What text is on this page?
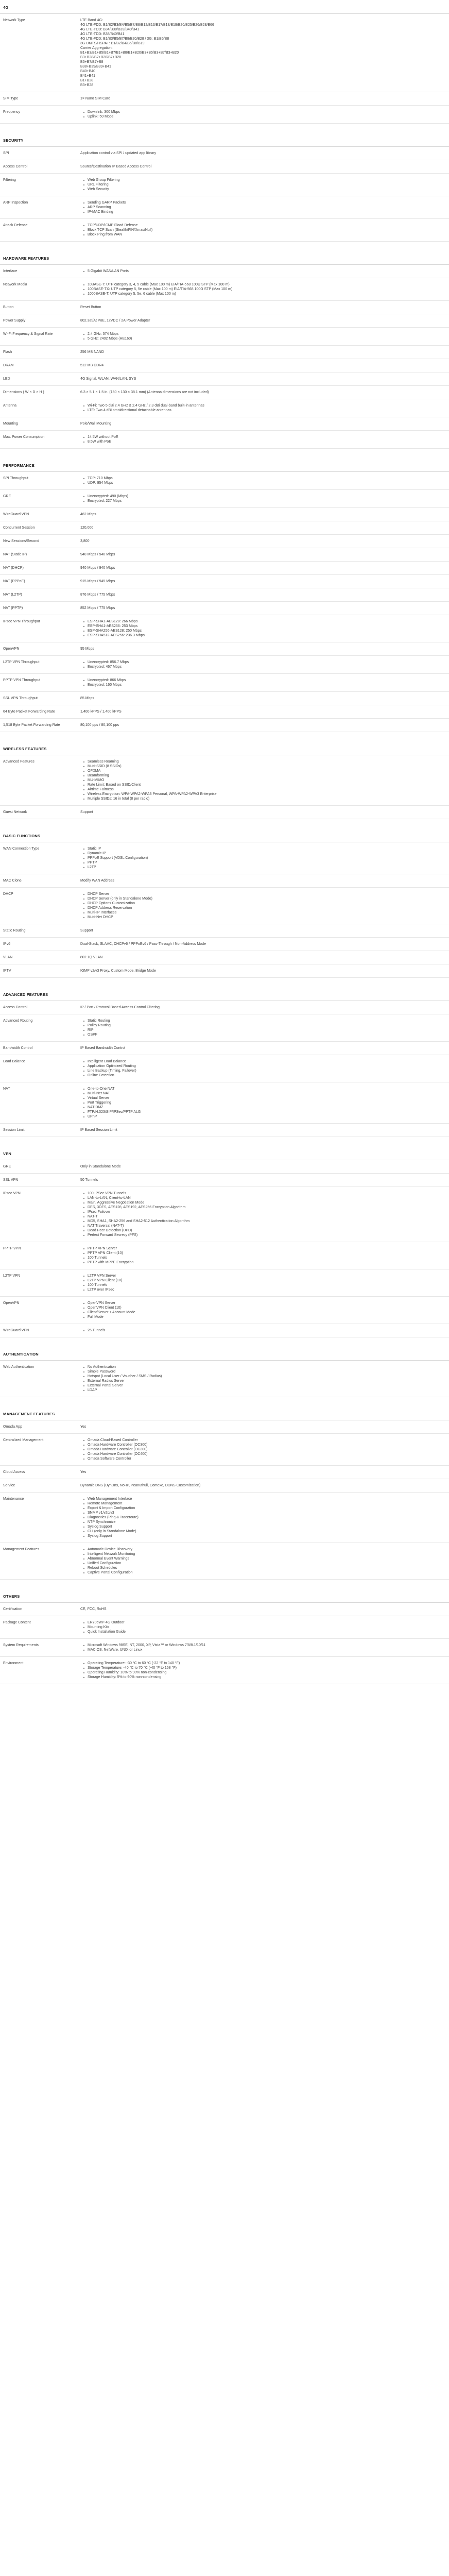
4G
Network Type	LTE Band 4G:
4G LTE-FDD: B1/B2/B3/B4/B5/B7/B8/B12/B13/B17/B18/B19/B20/B25/B26/B28/B66
4G LTE-TDD: B34/B38/B39/B40/B41
4G LTE-TDD: B38/B40/B41
4G LTE-FDD: B1/B3/B5/B7/B8/B20/B28 / 3G: B1/B5/B8
3G UMTS/HSPA+: B1/B2/B4/B5/B8/B19
Carrier Aggregation:
B1+B3/B1+B5/B1+B7/B1+B8/B1+B20/B3+B5/B3+B7/B3+B20
B3+B28/B7+B20/B7+B28
B5+B7/B7+B8
B38+B39/B39+B41
B40+B40
B41+B41
B1+B28
B3+B28
SIM Type	1× Nano SIM Card
Frequency	Downlink: 300 Mbps
Uplink: 50 Mbps
SECURITY
SPI	Application control via SPI / updated app library
Access Control	Source/Destination IP Based Access Control
Filtering	Web Group Filtering
URL Filtering
Web Security
ARP Inspection	Sending GARP Packets
ARP Scanning
IP-MAC Binding
Attack Defense	TCP/UDP/ICMP Flood Defense
Block TCP Scan (Stealth/FIN/Xmas/Null)
Block Ping from WAN
HARDWARE FEATURES
Interface	5 Gigabit WAN/LAN Ports
Network Media	10BASE-T: UTP category 3, 4, 5 cable (Max 100 m) EIA/TIA-568 100Ω STP (Max 100 m)
100BASE-TX: UTP category 5, 5e cable (Max 100 m) EIA/TIA-568 100Ω STP (Max 100 m)
1000BASE-T: UTP category 5, 5e, 6 cable (Max 100 m)
Button	Reset Button
Power Supply	802.3at/At PoE, 12VDC / 2A Power Adapter
Wi-Fi Frequency & Signal Rate	2.4 GHz: 574 Mbps
5 GHz: 2402 Mbps (HE160)
Flash	256 MB NAND
DRAM	512 MB DDR4
LED	4G Signal, WLAN, WAN/LAN, SYS
Dimensions ( W × D × H )	6.3 × 5.1 × 1.5 in. (160 × 130 × 38.1 mm) (Antenna dimensions are not included)
Antenna	Wi-Fi: Two 5 dBi 2.4 GHz & 2.4 GHz / 2.3 dBi dual-band built-in antennas
LTE: Two 4 dBi omnidirectional detachable antennas
Mounting	Pole/Wall Mounting
Max. Power Consumption	14.5W without PoE
8.5W with PoE
PERFORMANCE
SPI Throughput	TCP: 710 Mbps
UDP: 954 Mbps
GRE	Unencrypted: 490 (Mbps)
Encrypted: 227 Mbps
WireGuard VPN	462 Mbps
Concurrent Session	120,000
New Sessions/Second	3,800
NAT (Static IP)	940 Mbps / 940 Mbps
NAT (DHCP)	940 Mbps / 940 Mbps
NAT (PPPoE)	915 Mbps / 945 Mbps
NAT (L2TP)	876 Mbps / 775 Mbps
NAT (PPTP)	852 Mbps / 775 Mbps
IPsec VPN Throughput	ESP-SHA1-AES128: 266 Mbps
ESP-SHA1-AES256: 253 Mbps
ESP-SHA256-AES128: 250 Mbps
ESP-SHA512-AES256: 236.3 Mbps
OpenVPN	95 Mbps
L2TP VPN Throughput	Unencrypted: 856.7 Mbps
Encrypted: 467 Mbps
PPTP VPN Throughput	Unencrypted: 866 Mbps
Encrypted: 160 Mbps
SSL VPN Throughput	85 Mbps
64 Byte Packet Forwarding Rate	1,400 kPPS / 1,400 kPPS
1,518 Byte Packet Forwarding Rate	80,100 pps / 80,100 pps
WIRELESS FEATURES
Advanced Features	Seamless Roaming
Multi-SSID (8 SSIDs)
OFDMA
Beamforming
MU-MIMO
Rate Limit: Based on SSID/Client
Airtime Fairness
Wireless Encryption: WPA-WPA2-WPA3 Personal, WPA-WPA2-WPA3 Enterprise
Multiple SSIDs: 16 in total (8 per radio)
Guest Network	Support
BASIC FUNCTIONS
WAN Connection Type	Static IP
Dynamic IP
PPPoE Support (VDSL Configuration)
PPTP
L2TP
MAC Clone	Modify WAN Address
DHCP	DHCP Server
DHCP Server (only in Standalone Mode)
DHCP Options Customization
DHCP Address Reservation
Multi-IP Interfaces
Multi-Net DHCP
Static Routing	Support
IPv6	Dual-Stack, SLAAC, DHCPv6 / PPPoEv6 / Pass-Through / Non-Address Mode
VLAN	802.1Q VLAN
IPTV	IGMP v2/v3 Proxy, Custom Mode, Bridge Mode
ADVANCED FEATURES
Access Control	IP / Port / Protocol Based Access Control Filtering
Advanced Routing	Static Routing
Policy Routing
RIP
OSPF
Bandwidth Control	IP Based Bandwidth Control
Load Balance	Intelligent Load Balance
Application Optimized Routing
Line Backup (Timing, Failover)
Online Detection
NAT	One-to-One NAT
Multi-Net NAT
Virtual Server
Port Triggering
NAT-DMZ
FTP/H.323/SIP/IPSec/PPTP ALG
UPnP
Session Limit	IP Based Session Limit
VPN
GRE	Only in Standalone Mode
SSL VPN	50 Tunnels
IPsec VPN	100 IPSec VPN Tunnels
LAN-to-LAN, Client-to-LAN
Main, Aggressive Negotiation Mode
DES, 3DES, AES128, AES192, AES256 Encryption Algorithm
IPsec Failover
NAT-T
MD5, SHA1, SHA2-256 and SHA2-512 Authentication Algorithm
NAT Traversal (NAT-T)
Dead Peer Detection (DPD)
Perfect Forward Secrecy (PFS)
PPTP VPN	PPTP VPN Server
PPTP VPN Client (10)
100 Tunnels
PPTP with MPPE Encryption
L2TP VPN	L2TP VPN Server
L2TP VPN Client (10)
100 Tunnels
L2TP over IPsec
OpenVPN	OpenVPN Server
OpenVPN Client (10)
Client/Server + Account Mode
Full Mode
WireGuard VPN	25 Tunnels
AUTHENTICATION
Web Authentication	No Authentication
Simple Password
Hotspot (Local User / Voucher / SMS / Radius)
External Radius Server
External Portal Server
LDAP
MANAGEMENT FEATURES
Omada App	Yes
Centralized Management	Omada Cloud-Based Controller
Omada Hardware Controller (OC300)
Omada Hardware Controller (OC200)
Omada Hardware Controller (OC400)
Omada Software Controller
Cloud Access	Yes
Service	Dynamic DNS (DynDns, No-IP, Peanuthull, Comexe, DDNS Customization)
Maintenance	Web Management Interface
Remote Management
Export & Import Configuration
SNMP v1/v2c/v3
Diagnostics (Ping & Traceroute)
NTP Synchronize
Syslog Support
CLI (only in Standalone Mode)
Syslog Support
Management Features	Automatic Device Discovery
Intelligent Network Monitoring
Abnormal Event Warnings
Unified Configuration
Reboot Schedules
Captive Portal Configuration
OTHERS
Certification	CE, FCC, RoHS
Package Content	ER706WP-4G Outdoor
Mounting Kits
Quick Installation Guide
System Requirements	Microsoft Windows 98SE, NT, 2000, XP, Vista™ or Windows 7/8/8.1/10/11
MAC OS, NetWare, UNIX or Linux
Environment	Operating Temperature: -30 °C to 60 °C (-22 °F to 140 °F)
Storage Temperature: -40 °C to 70 °C (-40 °F to 158 °F)
Operating Humidity: 10% to 90% non-condensing
Storage Humidity: 5% to 90% non-condensing
